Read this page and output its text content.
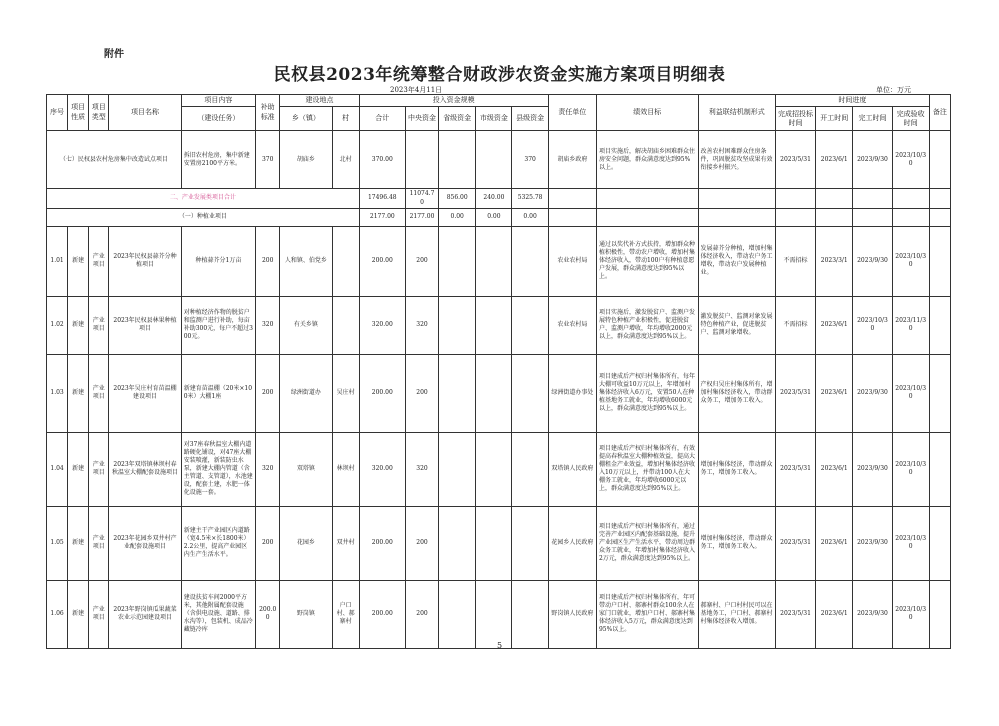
附件
民权县2023年统筹整合财政涉农资金实施方案项目明细表
2023年4月11日	单位：万元
序号	项目性质	项目类型	项目名称	项目内容	补助标准	建设地点		投入资金规模					责任单位	绩效目标	利益联结机制形式	时间进度				备注
				（建设任务）		乡（镇）	村	合计	中央资金	省级资金	市级资金	县级资金				完成招投标时间	开工时间	完工时间	完成验收时间	
（七）民权县农村危房集中改造试点项目				拆旧农村危房，集中新建安置房2100平方米。	370	胡庙乡	北村	370.00				370	胡庙乡政府	项目实施后，解决胡庙乡困难群众住房安全问题，群众满意度达到95%以上。	改善农村困难群众住房条件，巩固脱贫攻坚成果有效衔接乡村振兴。	2023/5/31	2023/6/1	2023/9/30	2023/10/30	
二、产业发展类项目合计								17496.48	11074.70	856.00	240.00	5325.78								
（一）种植业项目								2177.00	2177.00	0.00	0.00	0.00								
1.01	新建	产业项目	2023年民权县蒜芥分种植项目	种植蒜芥分1万亩	200	人和镇、伯党乡		200.00	200				农业农村局	通过以奖代补方式扶持，增加群众种植积极性，带动农户增收，增加村集体经济收入，带动100户有种植意愿户发展，群众满意度达到95%以上。	发展蒜芥分种植，增加村集体经济收入，带动农户务工增收，带动农户发展种植业。	不需招标	2023/3/1	2023/9/30	2023/10/30	
1.02	新建	产业项目	2023年民权县林果种植项目	对种植经济作物的脱贫户和监测户进行补助，每亩补助300元，每户不超过300元。	320	有关乡镇		320.00	320				农业农村局	项目实施后，激发脱贫户、监测户发展特色种植产业积极性，促进脱贫户、监测户增收，年均增收2000元以上，群众满意度达到95%以上。	激发脱贫户、监测对象发展特色种植产业，促进脱贫户、监测对象增收。	不需招标	2023/6/1	2023/10/30	2023/11/30	
1.03	新建	产业项目	2023年吴庄村育苗温棚建设项目	新建育苗温棚（20米×100米）大棚1座	200	绿洲街道办	吴庄村	200.00	200				绿洲街道办事处	项目建成后产权归村集体所有，每年大棚可收益10万元以上，年增加村集体经济收入6万元，安置50人在种植基地务工就业，年均增收6000元以上，群众满意度达到95%以上。	产权归吴庄村集体所有，增加村集体经济收入，带动群众务工，增加务工收入。	2023/5/31	2023/6/1	2023/9/30	2023/10/30	
1.04	新建	产业项目	2023年双塔镇林坝村春秋温室大棚配套设施项目	对37座春秋温室大棚内道路硬化铺设，对47座大棚安装喷灌，新装防虫水泵，新建大棚内管道（含主管道、支管道），水池建设，配套土建，水肥一体化设施一套。	320	双塔镇	林坝村	320.00	320				双塔镇人民政府	项目建成后产权归村集体所有，有效提高春秋温室大棚种植效益，提高大棚租金产业效益，增加村集体经济收入10万元以上，并带动100人在大棚务工就业，年均增收6000元以上，群众满意度达到95%以上。	增加村集体经济，带动群众务工，增加务工收入。	2023/5/31	2023/6/1	2023/9/30	2023/10/30	
1.05	新建	产业项目	2023年花园乡双井村产业配套设施项目	新建主干产业园区内道路（宽4.5米×长1800米）2.2公里，提高产业园区内生产生活水平。	200	花园乡	双井村	200.00	200				花园乡人民政府	项目建成后产权归村集体所有，通过完善产业园区内配套基础设施，提升产业园区生产生活水平，带动周边群众务工就业，年增加村集体经济收入2万元，群众满意度达到95%以上。	增加村集体经济，带动群众务工，增加务工收入。	2023/5/31	2023/6/1	2023/9/30	2023/10/30	
1.06	新建	产业项目	2023年野岗镇瓜果蔬菜农业示范园建设项目	建设扶贫车间2000平方米，其他附属配套设施（含供电设施、道路、排水沟等），包装机、成品冷藏链冷库	200.00	野岗镇	户口村、郝寨村	200.00	200				野岗镇人民政府	项目建成后产权归村集体所有，年可带动户口村、郝寨村群众100余人在家门口就业，增加户口村、郝寨村集体经济收入5万元，群众满意度达到95%以上。	郝寨村、户口村村民可以在基地务工，户口村、郝寨村村集体经济收入增加。	2023/5/31	2023/6/1	2023/9/30	2023/10/30	
5
